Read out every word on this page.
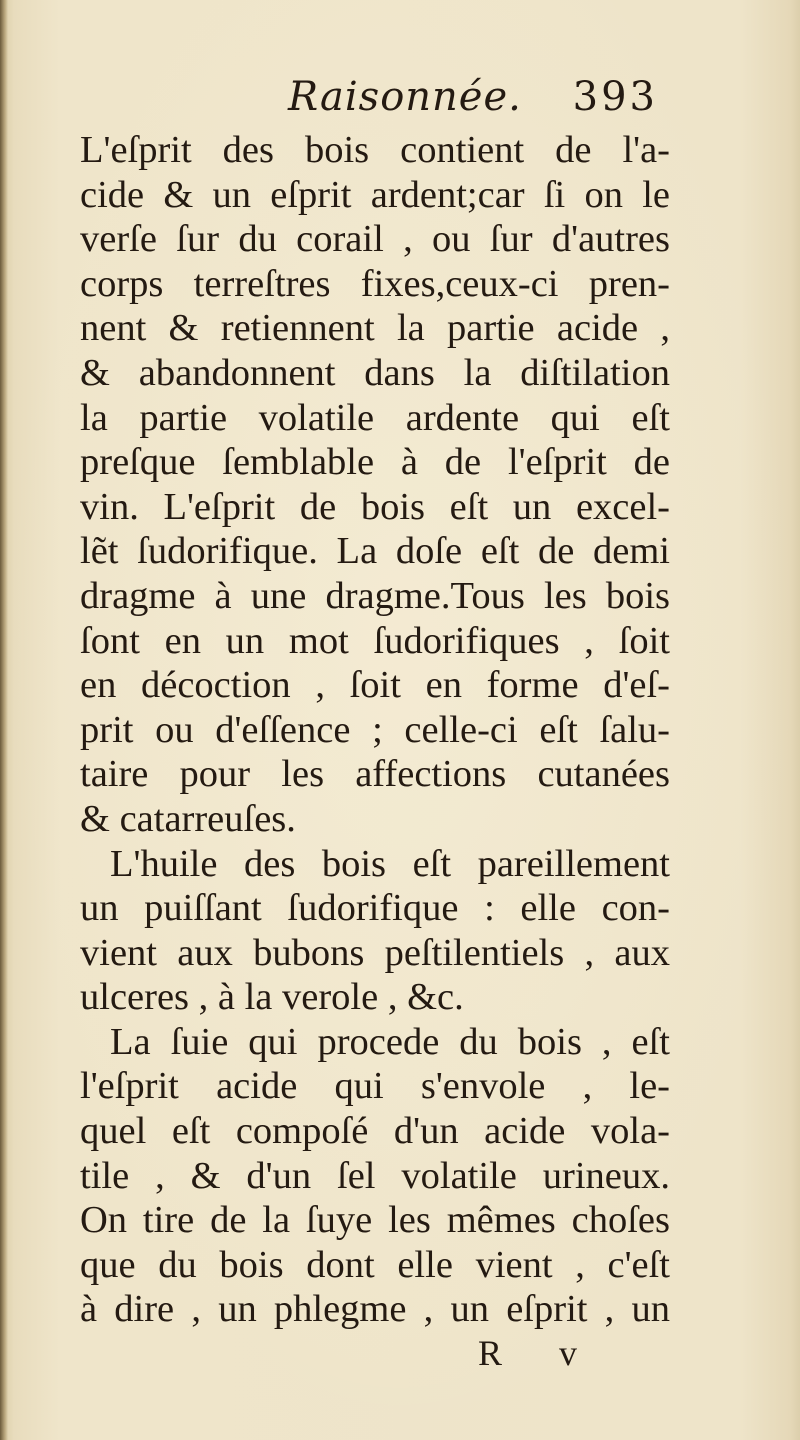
Raisonnée. 393
L'eſprit des bois contient de l'a-
cide & un eſprit ardent;car ſi on le
verſe ſur du corail , ou ſur d'autres
corps terreſtres fixes,ceux-ci pren-
nent & retiennent la partie acide ,
& abandonnent dans la diſtilation
la partie volatile ardente qui eſt
preſque ſemblable à de l'eſprit de
vin. L'eſprit de bois eſt un excel-
lẽt ſudorifique. La doſe eſt de demi
dragme à une dragme.Tous les bois
ſont en un mot ſudorifiques , ſoit
en décoction , ſoit en forme d'eſ-
prit ou d'eſſence ; celle-ci eſt ſalu-
taire pour les affections cutanées
& catarreuſes.
L'huile des bois eſt pareillement
un puiſſant ſudorifique : elle con-
vient aux bubons peſtilentiels , aux
ulceres , à la verole , &c.
La ſuie qui procede du bois , eſt
l'eſprit acide qui s'envole , le-
quel eſt compoſé d'un acide vola-
tile , & d'un ſel volatile urineux.
On tire de la ſuye les mêmes choſes
que du bois dont elle vient , c'eſt
à dire , un phlegme , un eſprit , un
R v
